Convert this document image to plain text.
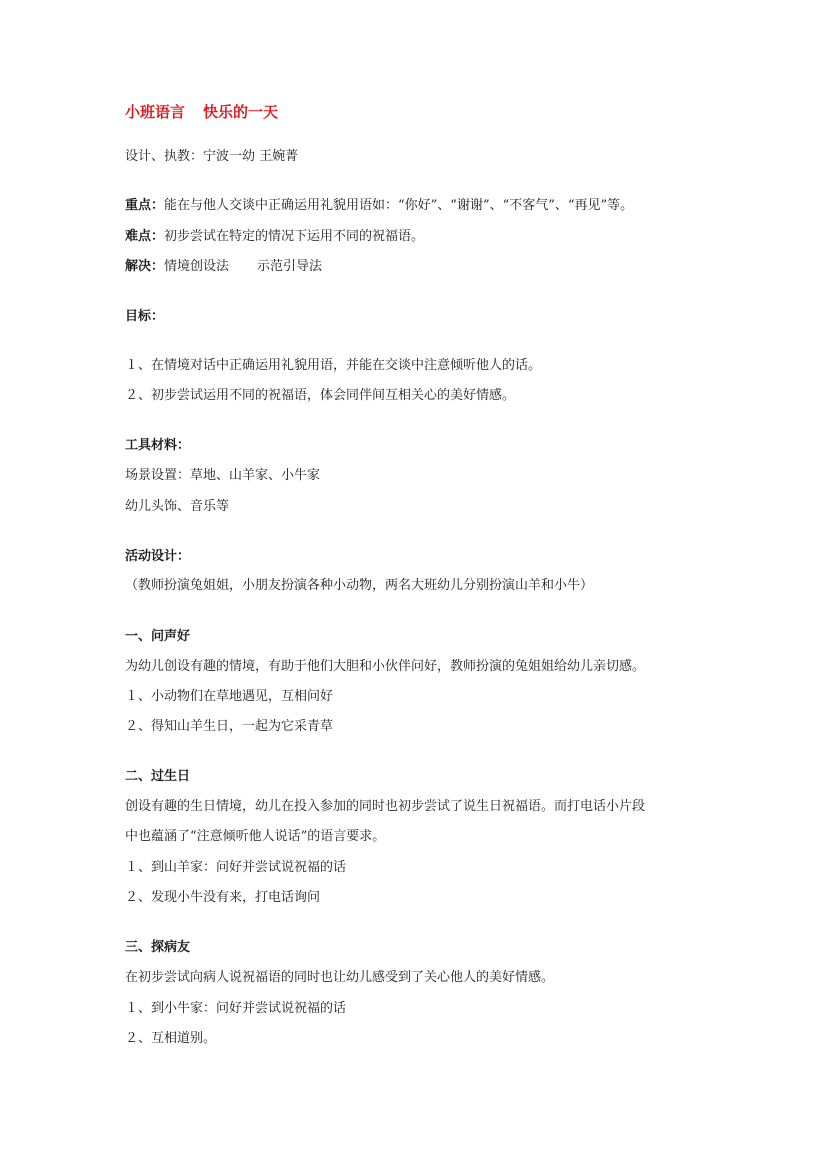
小班语言 快乐的一天
设计、执教：宁波一幼 王婉菁
重点：能在与他人交谈中正确运用礼貌用语如：“你好”、“谢谢”、“不客气”、“再见”等。
难点：初步尝试在特定的情况下运用不同的祝福语。
解决：情境创设法 示范引导法
目标：
１、在情境对话中正确运用礼貌用语，并能在交谈中注意倾听他人的话。
２、初步尝试运用不同的祝福语，体会同伴间互相关心的美好情感。
工具材料：
场景设置：草地、山羊家、小牛家
幼儿头饰、音乐等
活动设计：
（教师扮演兔姐姐，小朋友扮演各种小动物，两名大班幼儿分别扮演山羊和小牛）
一、问声好
为幼儿创设有趣的情境，有助于他们大胆和小伙伴问好，教师扮演的兔姐姐给幼儿亲切感。
１、小动物们在草地遇见，互相问好
２、得知山羊生日，一起为它采青草
二、过生日
创设有趣的生日情境，幼儿在投入参加的同时也初步尝试了说生日祝福语。而打电话小片段
中也蕴涵了“注意倾听他人说话”的语言要求。
１、到山羊家：问好并尝试说祝福的话
２、发现小牛没有来，打电话询问
三、探病友
在初步尝试向病人说祝福语的同时也让幼儿感受到了关心他人的美好情感。
１、到小牛家：问好并尝试说祝福的话
２、互相道别。
